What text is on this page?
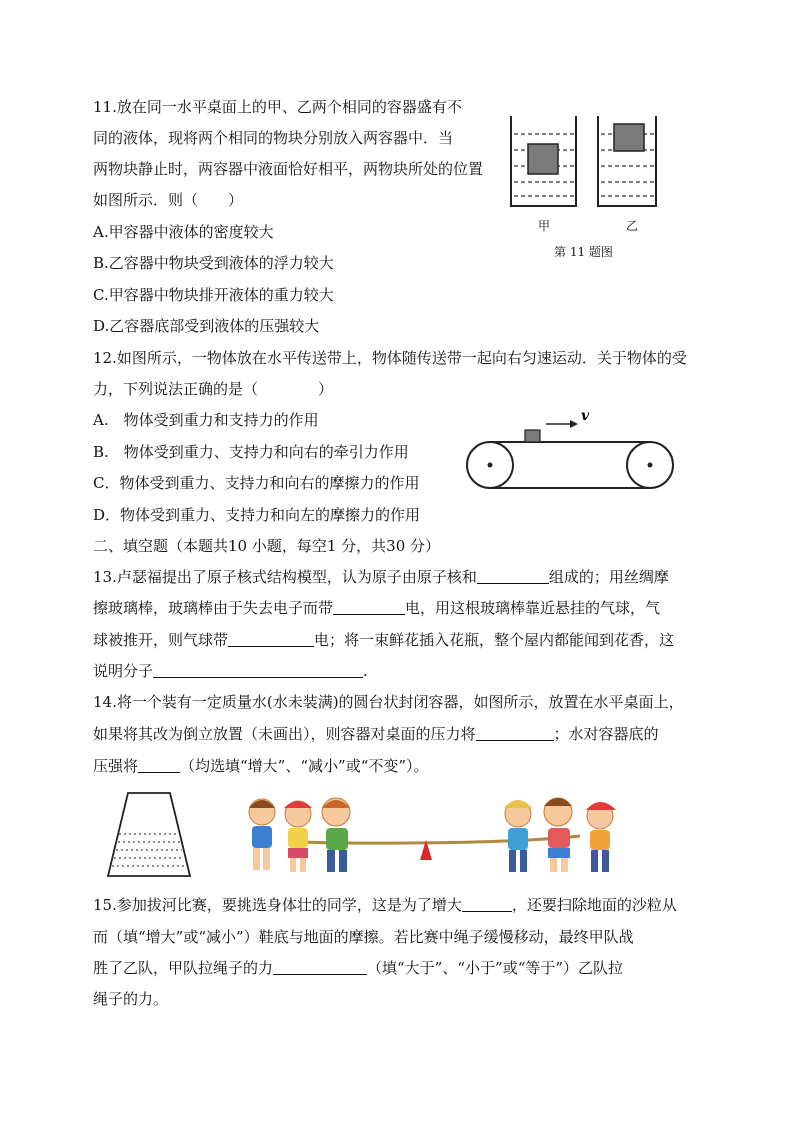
11.放在同一水平桌面上的甲、乙两个相同的容器盛有不
同的液体，现将两个相同的物块分别放入两容器中．当
两物块静止时，两容器中液面恰好相平，两物块所处的位置
如图所示．则（　　）
A.甲容器中液体的密度较大
B.乙容器中物块受到液体的浮力较大
C.甲容器中物块排开液体的重力较大
D.乙容器底部受到液体的压强较大
甲	乙
第 11 题图
12.如图所示，一物体放在水平传送带上，物体随传送带一起向右匀速运动．关于物体的受
力，下列说法正确的是（　　　　）
A.　物体受到重力和支持力的作用
B.　物体受到重力、支持力和向右的牵引力作用
C．物体受到重力、支持力和向右的摩擦力的作用
D．物体受到重力、支持力和向左的摩擦力的作用
v
二、填空题（本题共10 小题，每空1 分，共30 分）
13.卢瑟福提出了原子核式结构模型，认为原子由原子核和	组成的；用丝绸摩
擦玻璃棒，玻璃棒由于失去电子而带	电，用这根玻璃棒靠近悬挂的气球，气
球被推开，则气球带	电；将一束鲜花插入花瓶，整个屋内都能闻到花香，这
说明分子	.
14.将一个装有一定质量水(水未装满)的圆台状封闭容器，如图所示，放置在水平桌面上，
如果将其改为倒立放置（未画出），则容器对桌面的压力将	；水对容器底的
压强将	（均选填“增大”、“减小”或“不变”）。
15.参加拔河比赛，要挑选身体壮的同学，这是为了增大	，还要扫除地面的沙粒从
而（填“增大”或“减小”）鞋底与地面的摩擦。若比赛中绳子缓慢移动，最终甲队战
胜了乙队，甲队拉绳子的力	（填“大于”、“小于”或“等于”）乙队拉
绳子的力。
